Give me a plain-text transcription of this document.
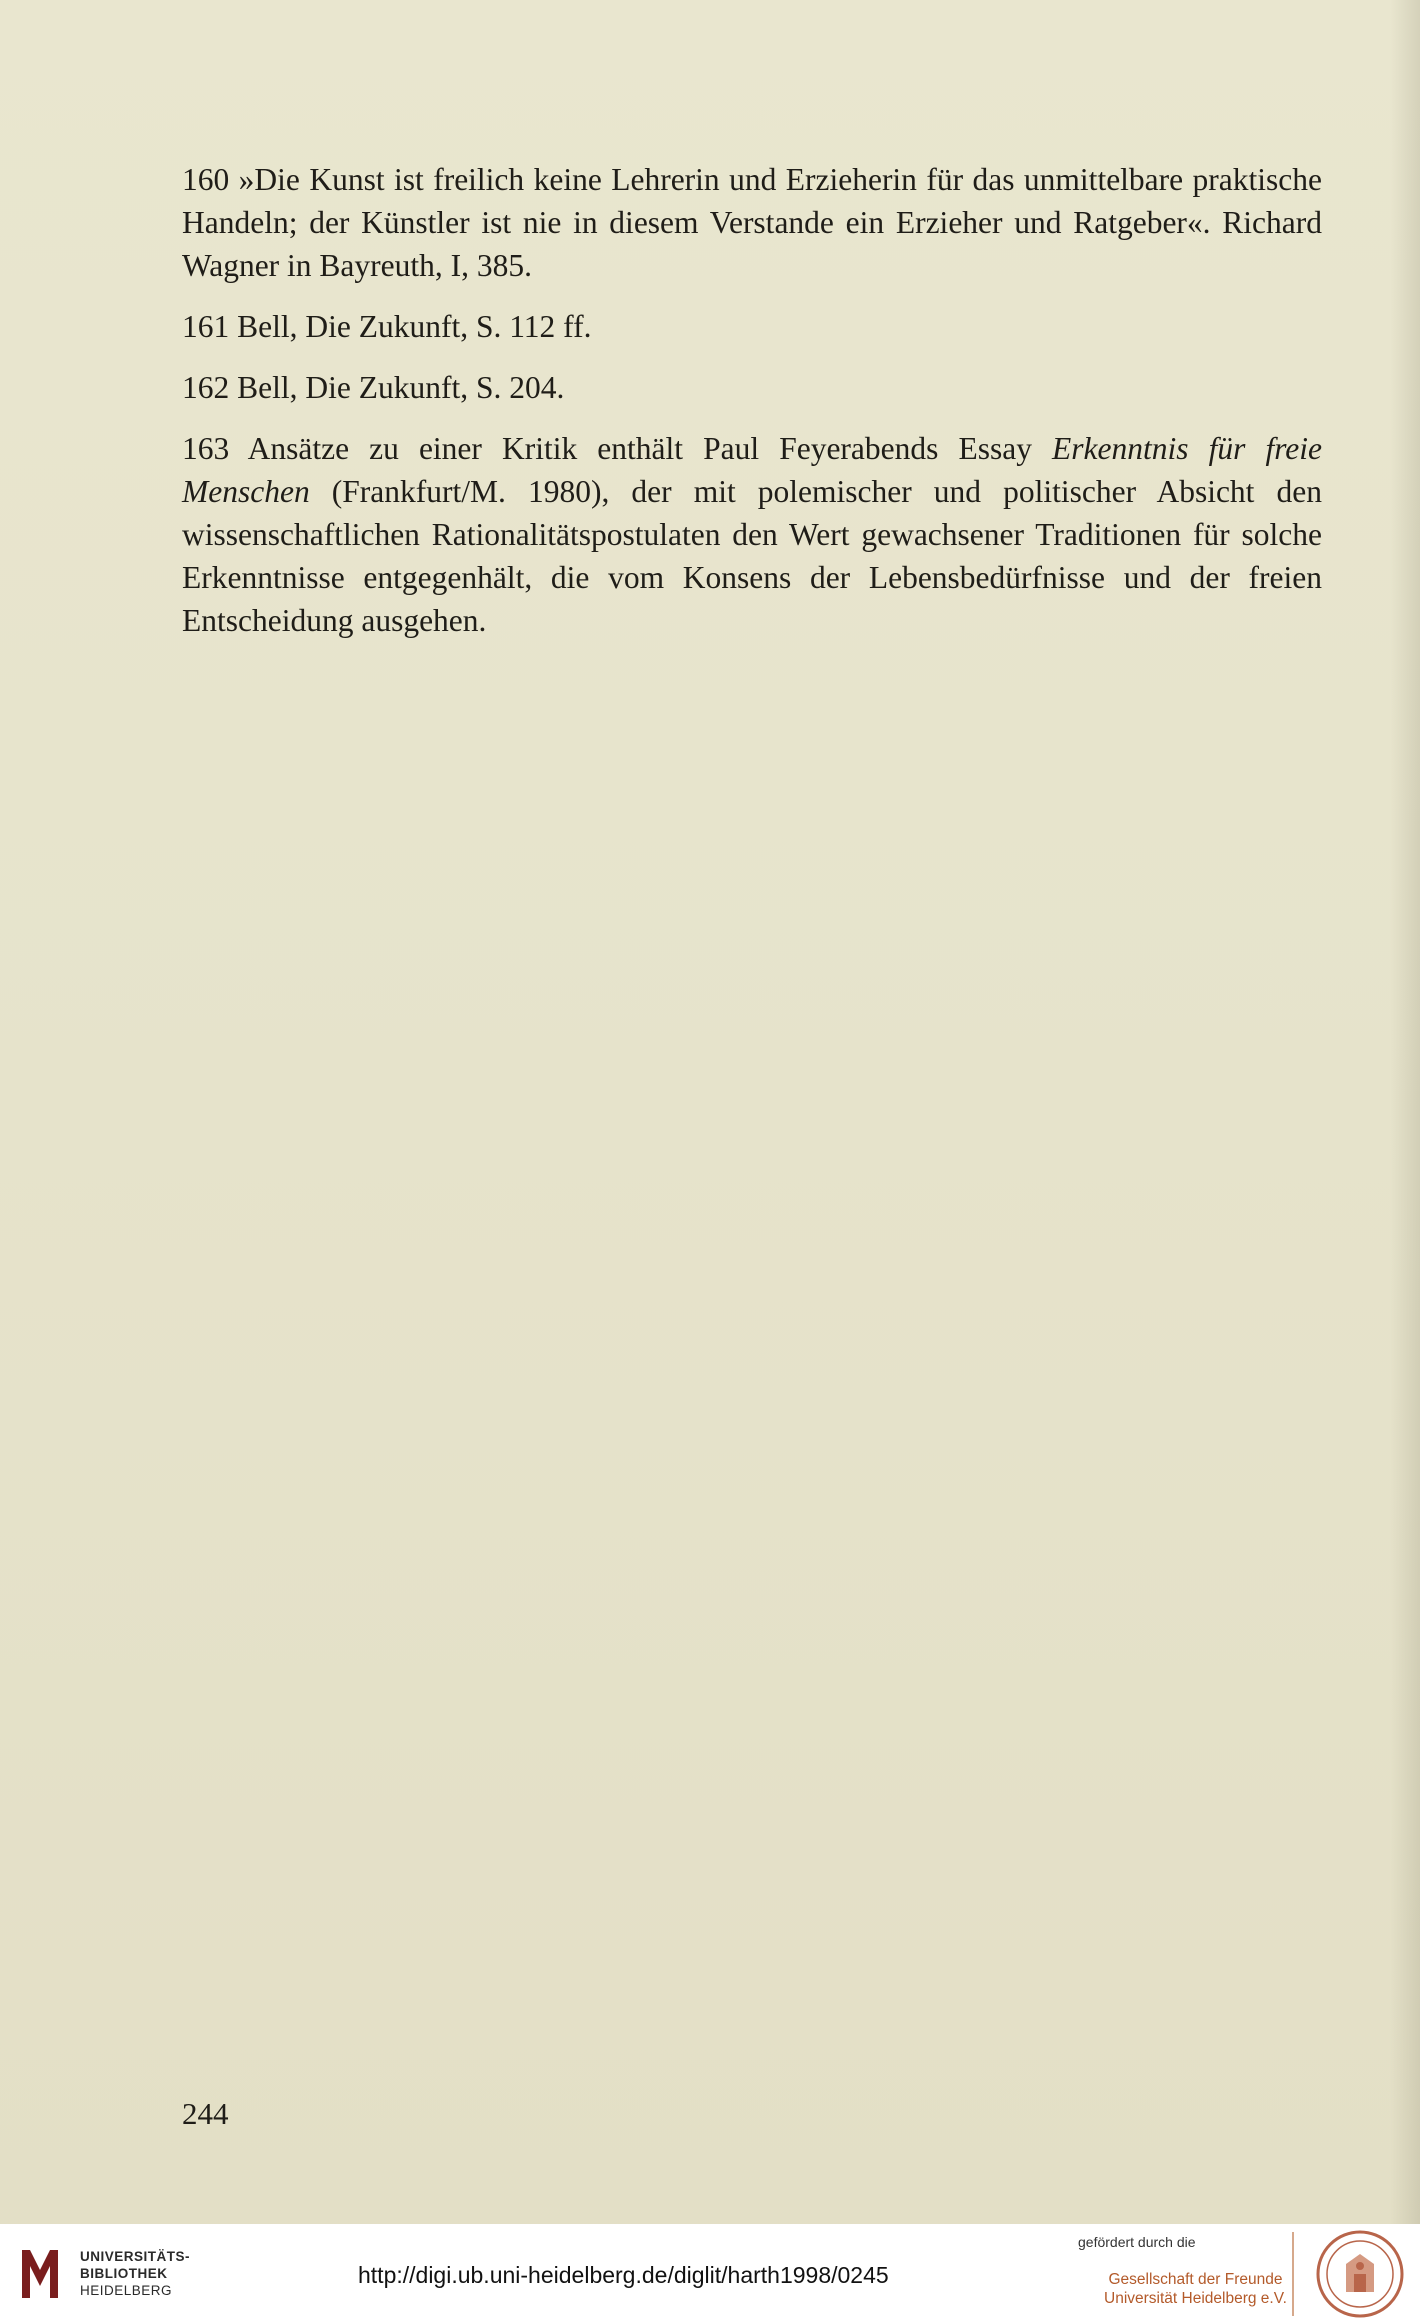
160 »Die Kunst ist freilich keine Lehrerin und Erzieherin für das unmittelbare praktische Handeln; der Künstler ist nie in diesem Verstande ein Erzieher und Ratgeber«. Richard Wagner in Bayreuth, I, 385.

161 Bell, Die Zukunft, S. 112 ff.

162 Bell, Die Zukunft, S. 204.

163 Ansätze zu einer Kritik enthält Paul Feyerabends Essay Erkenntnis für freie Menschen (Frankfurt/M. 1980), der mit polemischer und politischer Absicht den wissenschaftlichen Rationalitätspostulaten den Wert gewachsener Traditionen für solche Erkenntnisse entgegenhält, die vom Konsens der Lebensbedürfnisse und der freien Entscheidung ausgehen.

244
UNIVERSITÄTS-
BIBLIOTHEK
HEIDELBERG
http://digi.ub.uni-heidelberg.de/diglit/harth1998/0245
gefördert durch die
Gesellschaft der Freunde
Universität Heidelberg e.V.
